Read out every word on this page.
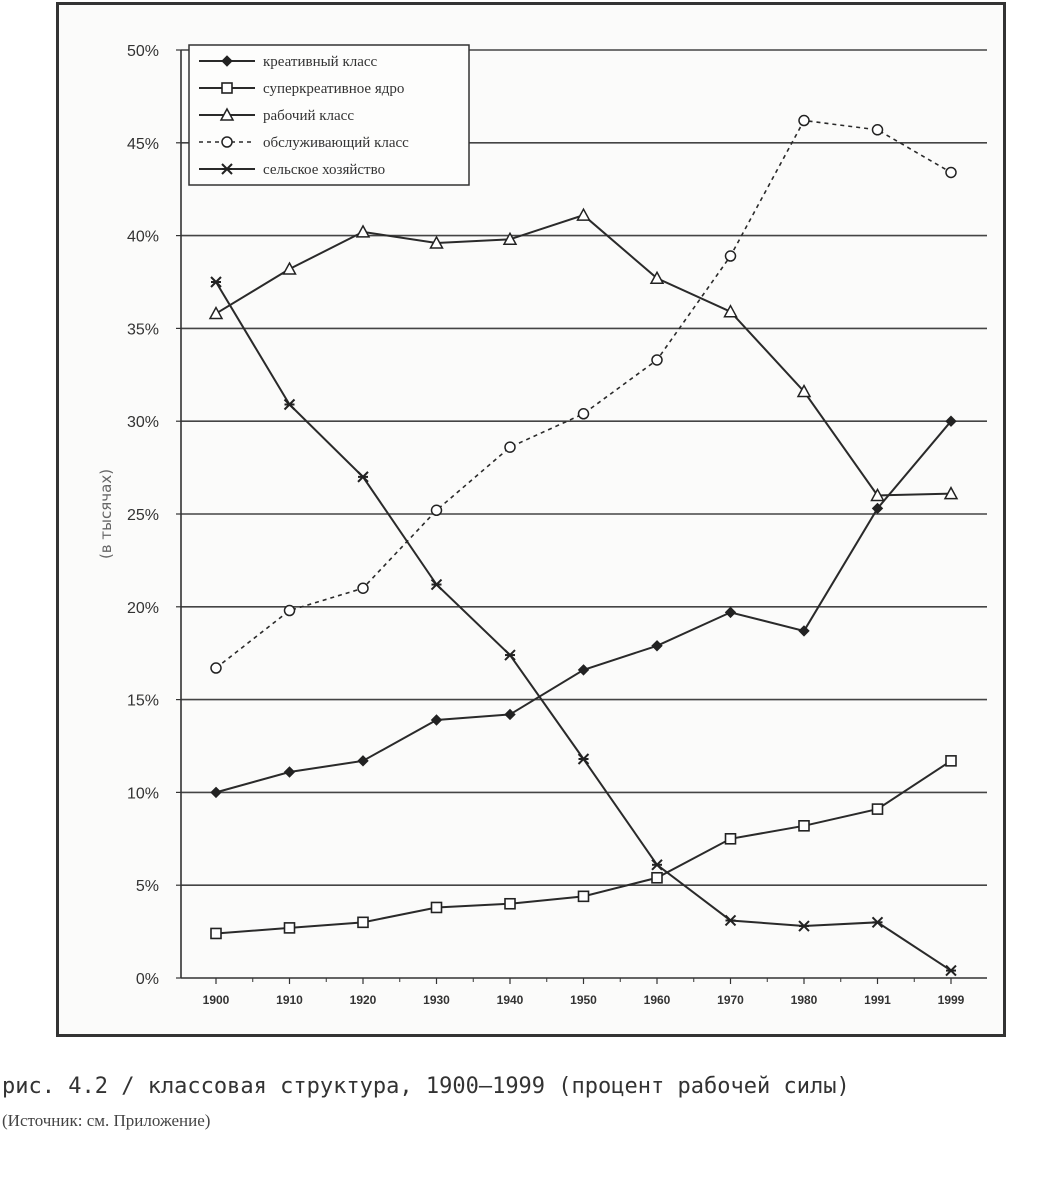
0%
5%
10%
15%
20%
25%
30%
35%
40%
45%
50%
1900	1910	1920	1930	1940	1950	1960	1970	1980	1991	1999
(в тысячах)
креативный класс
суперкреативное ядро
рабочий класс
обслуживающий класс
сельское хозяйство
рис. 4.2 / классовая структура, 1900–1999 (процент рабочей силы)
(Источник: см. Приложение)
